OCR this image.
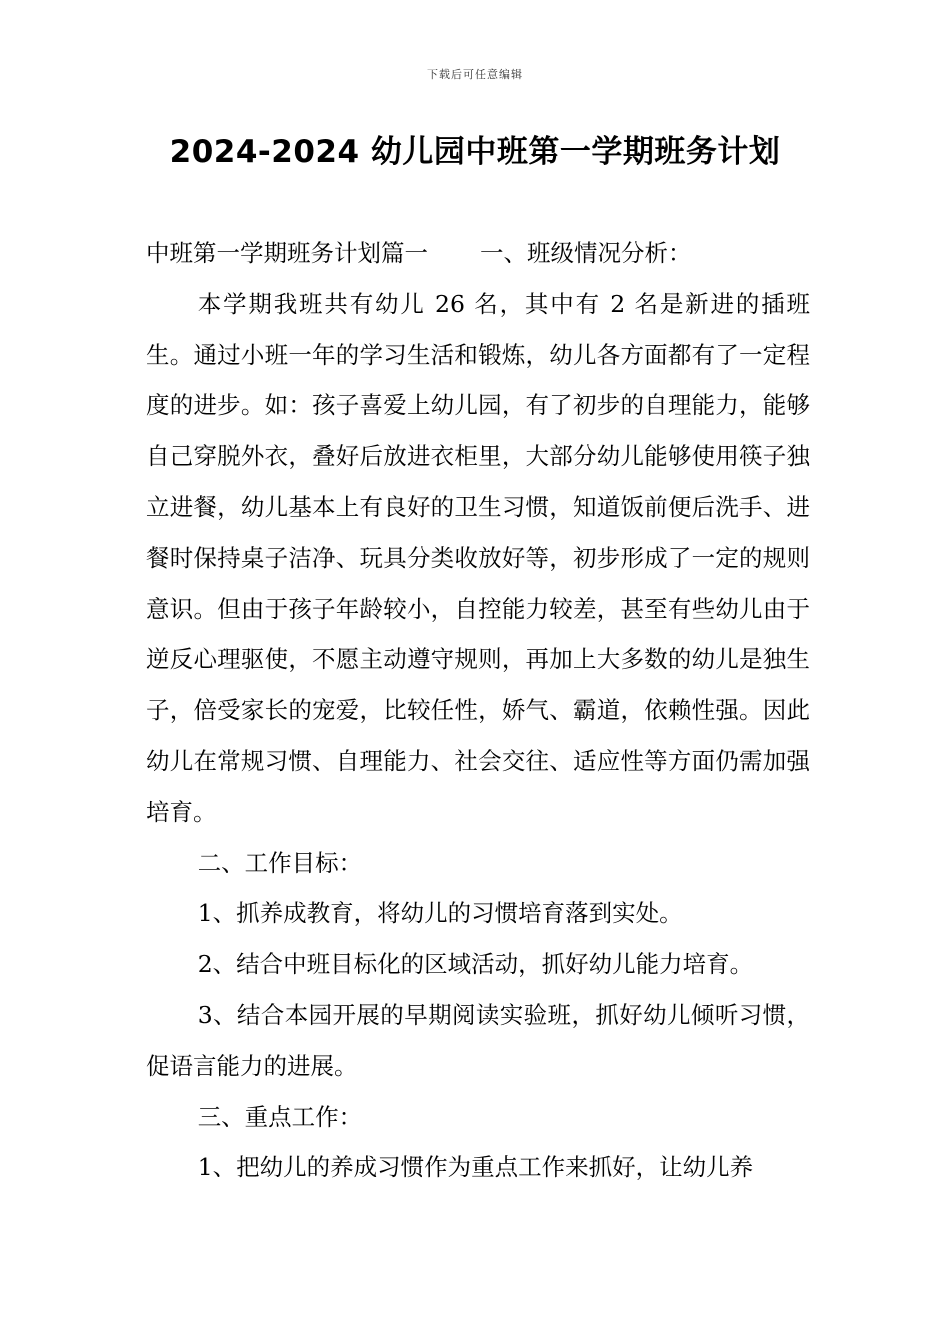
下载后可任意编辑
2024-2024 幼儿园中班第一学期班务计划

中班第一学期班务计划篇一 一、班级情况分析：

本学期我班共有幼儿 26 名，其中有 2 名是新进的插班生。通过小班一年的学习生活和锻炼，幼儿各方面都有了一定程度的进步。如：孩子喜爱上幼儿园，有了初步的自理能力，能够自己穿脱外衣，叠好后放进衣柜里，大部分幼儿能够使用筷子独立进餐，幼儿基本上有良好的卫生习惯，知道饭前便后洗手、进餐时保持桌子洁净、玩具分类收放好等，初步形成了一定的规则意识。但由于孩子年龄较小，自控能力较差，甚至有些幼儿由于逆反心理驱使，不愿主动遵守规则，再加上大多数的幼儿是独生子，倍受家长的宠爱，比较任性，娇气、霸道，依赖性强。因此幼儿在常规习惯、自理能力、社会交往、适应性等方面仍需加强培育。

二、工作目标：

1、抓养成教育，将幼儿的习惯培育落到实处。

2、结合中班目标化的区域活动，抓好幼儿能力培育。

3、结合本园开展的早期阅读实验班，抓好幼儿倾听习惯，促语言能力的进展。

三、重点工作：

1、把幼儿的养成习惯作为重点工作来抓好，让幼儿养
